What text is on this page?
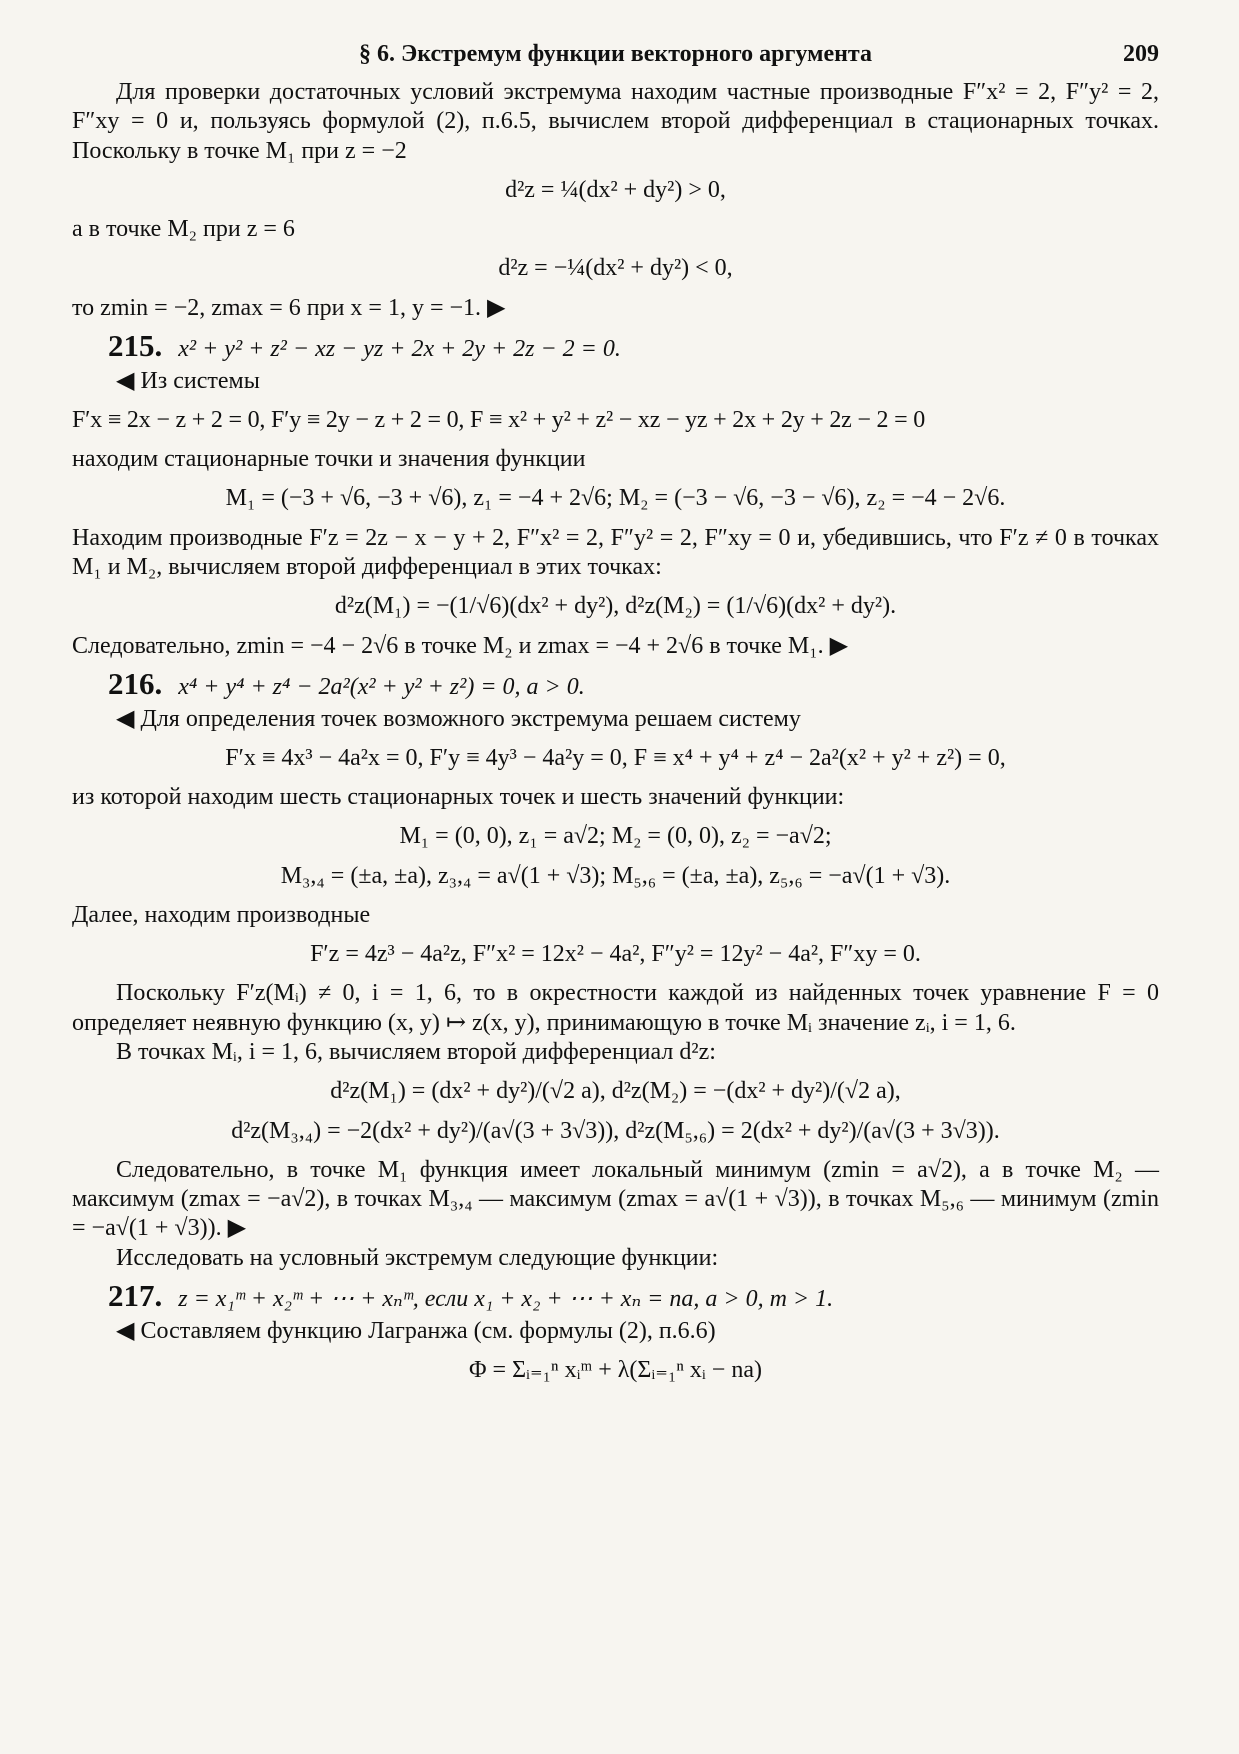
§ 6. Экстремум функции векторного аргумента	209

Для проверки достаточных условий экстремума находим частные производные F″x² = 2, F″y² = 2, F″xy = 0 и, пользуясь формулой (2), п.6.5, вычислем второй дифференциал в стационарных точках. Поскольку в точке M₁ при z = −2

d²z = ¼(dx² + dy²) > 0,

а в точке M₂ при z = 6

d²z = −¼(dx² + dy²) < 0,

то zmin = −2, zmax = 6 при x = 1, y = −1. ▶

215. x² + y² + z² − xz − yz + 2x + 2y + 2z − 2 = 0.

◀ Из системы

F′x ≡ 2x − z + 2 = 0, F′y ≡ 2y − z + 2 = 0, F ≡ x² + y² + z² − xz − yz + 2x + 2y + 2z − 2 = 0

находим стационарные точки и значения функции

M₁ = (−3 + √6, −3 + √6), z₁ = −4 + 2√6; M₂ = (−3 − √6, −3 − √6), z₂ = −4 − 2√6.

Находим производные F′z = 2z − x − y + 2, F″x² = 2, F″y² = 2, F″xy = 0 и, убедившись, что F′z ≠ 0 в точках M₁ и M₂, вычисляем второй дифференциал в этих точках:

d²z(M₁) = −(1/√6)(dx² + dy²), d²z(M₂) = (1/√6)(dx² + dy²).

Следовательно, zmin = −4 − 2√6 в точке M₂ и zmax = −4 + 2√6 в точке M₁. ▶

216. x⁴ + y⁴ + z⁴ − 2a²(x² + y² + z²) = 0, a > 0.

◀ Для определения точек возможного экстремума решаем систему

F′x ≡ 4x³ − 4a²x = 0, F′y ≡ 4y³ − 4a²y = 0, F ≡ x⁴ + y⁴ + z⁴ − 2a²(x² + y² + z²) = 0,

из которой находим шесть стационарных точек и шесть значений функции:

M₁ = (0, 0), z₁ = a√2; M₂ = (0, 0), z₂ = −a√2;
M₃,₄ = (±a, ±a), z₃,₄ = a√(1 + √3); M₅,₆ = (±a, ±a), z₅,₆ = −a√(1 + √3).

Далее, находим производные

F′z = 4z³ − 4a²z, F″x² = 12x² − 4a², F″y² = 12y² − 4a², F″xy = 0.

Поскольку F′z(Mᵢ) ≠ 0, i = 1, 6, то в окрестности каждой из найденных точек уравнение F = 0 определяет неявную функцию (x, y) ↦ z(x, y), принимающую в точке Mᵢ значение zᵢ, i = 1, 6.

В точках Mᵢ, i = 1, 6, вычисляем второй дифференциал d²z:

d²z(M₁) = (dx² + dy²)/(√2 a), d²z(M₂) = −(dx² + dy²)/(√2 a),
d²z(M₃,₄) = −2(dx² + dy²)/(a√(3 + 3√3)), d²z(M₅,₆) = 2(dx² + dy²)/(a√(3 + 3√3)).

Следовательно, в точке M₁ функция имеет локальный минимум (zmin = a√2), а в точке M₂ — максимум (zmax = −a√2), в точках M₃,₄ — максимум (zmax = a√(1 + √3)), в точках M₅,₆ — минимум (zmin = −a√(1 + √3)). ▶

Исследовать на условный экстремум следующие функции:

217. z = x₁ᵐ + x₂ᵐ + ⋯ + xₙᵐ, если x₁ + x₂ + ⋯ + xₙ = na, a > 0, m > 1.

◀ Составляем функцию Лагранжа (см. формулы (2), п.6.6)

Φ = Σᵢ₌₁ⁿ xᵢᵐ + λ(Σᵢ₌₁ⁿ xᵢ − na)
